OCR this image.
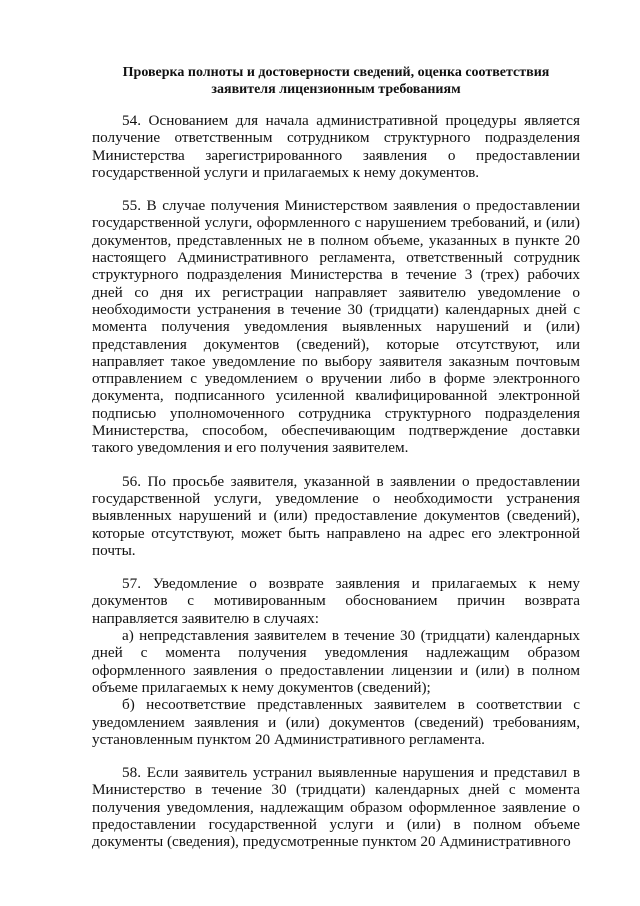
Проверка полноты и достоверности сведений, оценка соответствия
заявителя лицензионным требованиям

54. Основанием для начала административной процедуры является получение ответственным сотрудником структурного подразделения Министерства зарегистрированного заявления о предоставлении государственной услуги и прилагаемых к нему документов.

55. В случае получения Министерством заявления о предоставлении государственной услуги, оформленного с нарушением требований, и (или) документов, представленных не в полном объеме, указанных в пункте 20 настоящего Административного регламента, ответственный сотрудник структурного подразделения Министерства в течение 3 (трех) рабочих дней со дня их регистрации направляет заявителю уведомление о необходимости устранения в течение 30 (тридцати) календарных дней с момента получения уведомления выявленных нарушений и (или) представления документов (сведений), которые отсутствуют, или направляет такое уведомление по выбору заявителя заказным почтовым отправлением с уведомлением о вручении либо в форме электронного документа, подписанного усиленной квалифицированной электронной подписью уполномоченного сотрудника структурного подразделения Министерства, способом, обеспечивающим подтверждение доставки такого уведомления и его получения заявителем.

56. По просьбе заявителя, указанной в заявлении о предоставлении государственной услуги, уведомление о необходимости устранения выявленных нарушений и (или) предоставление документов (сведений), которые отсутствуют, может быть направлено на адрес его электронной почты.

57. Уведомление о возврате заявления и прилагаемых к нему документов с мотивированным обоснованием причин возврата направляется заявителю в случаях:

а) непредставления заявителем в течение 30 (тридцати) календарных дней с момента получения уведомления надлежащим образом оформленного заявления о предоставлении лицензии и (или) в полном объеме прилагаемых к нему документов (сведений);

б) несоответствие представленных заявителем в соответствии с уведомлением заявления и (или) документов (сведений) требованиям, установленным пунктом 20 Административного регламента.

58. Если заявитель устранил выявленные нарушения и представил в Министерство в течение 30 (тридцати) календарных дней с момента получения уведомления, надлежащим образом оформленное заявление о предоставлении государственной услуги и (или) в полном объеме документы (сведения), предусмотренные пунктом 20 Административного
